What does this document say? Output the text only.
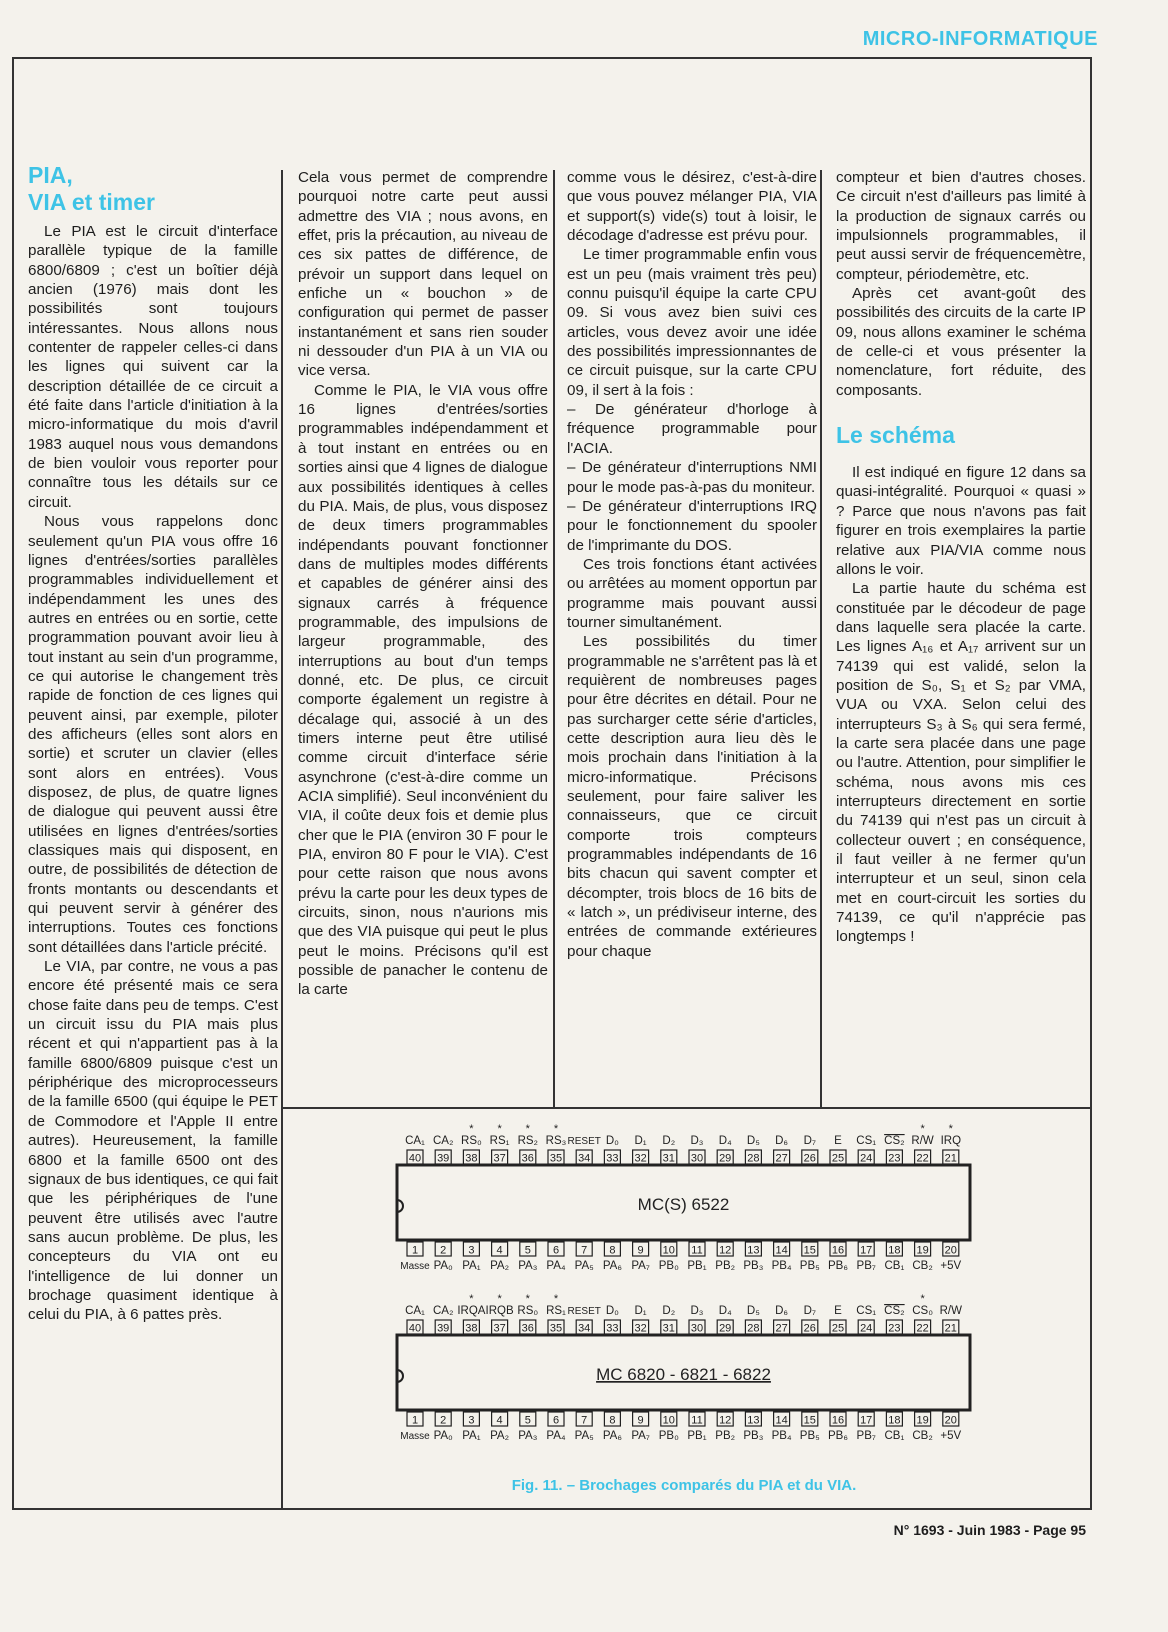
MICRO-INFORMATIQUE
PIA,
VIA et timer

Le PIA est le circuit d'interface parallèle typique de la famille 6800/6809 ; c'est un boîtier déjà ancien (1976) mais dont les possibilités sont toujours intéressantes. Nous allons nous contenter de rappeler celles-ci dans les lignes qui suivent car la description détaillée de ce circuit a été faite dans l'article d'initiation à la micro-informatique du mois d'avril 1983 auquel nous vous demandons de bien vouloir vous reporter pour connaître tous les détails sur ce circuit.

Nous vous rappelons donc seulement qu'un PIA vous offre 16 lignes d'entrées/sorties parallèles programmables individuellement et indépendamment les unes des autres en entrées ou en sortie, cette programmation pouvant avoir lieu à tout instant au sein d'un programme, ce qui autorise le changement très rapide de fonction de ces lignes qui peuvent ainsi, par exemple, piloter des afficheurs (elles sont alors en sortie) et scruter un clavier (elles sont alors en entrées). Vous disposez, de plus, de quatre lignes de dialogue qui peuvent aussi être utilisées en lignes d'entrées/sorties classiques mais qui disposent, en outre, de possibilités de détection de fronts montants ou descendants et qui peuvent servir à générer des interruptions. Toutes ces fonctions sont détaillées dans l'article précité.

Le VIA, par contre, ne vous a pas encore été présenté mais ce sera chose faite dans peu de temps. C'est un circuit issu du PIA mais plus récent et qui n'appartient pas à la famille 6800/6809 puisque c'est un périphérique des microprocesseurs de la famille 6500 (qui équipe le PET de Commodore et l'Apple II entre autres). Heureusement, la famille 6800 et la famille 6500 ont des signaux de bus identiques, ce qui fait que les périphériques de l'une peuvent être utilisés avec l'autre sans aucun problème. De plus, les concepteurs du VIA ont eu l'intelligence de lui donner un brochage quasiment identique à celui du PIA, à 6 pattes près.

Cela vous permet de comprendre pourquoi notre carte peut aussi admettre des VIA ; nous avons, en effet, pris la précaution, au niveau de ces six pattes de différence, de prévoir un support dans lequel on enfiche un « bouchon » de configuration qui permet de passer instantanément et sans rien souder ni dessouder d'un PIA à un VIA ou vice versa.

Comme le PIA, le VIA vous offre 16 lignes d'entrées/sorties programmables indépendamment et à tout instant en entrées ou en sorties ainsi que 4 lignes de dialogue aux possibilités identiques à celles du PIA. Mais, de plus, vous disposez de deux timers programmables indépendants pouvant fonctionner dans de multiples modes différents et capables de générer ainsi des signaux carrés à fréquence programmable, des impulsions de largeur programmable, des interruptions au bout d'un temps donné, etc. De plus, ce circuit comporte également un registre à décalage qui, associé à un des timers interne peut être utilisé comme circuit d'interface série asynchrone (c'est-à-dire comme un ACIA simplifié). Seul inconvénient du VIA, il coûte deux fois et demie plus cher que le PIA (environ 30 F pour le PIA, environ 80 F pour le VIA). C'est pour cette raison que nous avons prévu la carte pour les deux types de circuits, sinon, nous n'aurions mis que des VIA puisque qui peut le plus peut le moins. Précisons qu'il est possible de panacher le contenu de la carte

comme vous le désirez, c'est-à-dire que vous pouvez mélanger PIA, VIA et support(s) vide(s) tout à loisir, le décodage d'adresse est prévu pour.

Le timer programmable enfin vous est un peu (mais vraiment très peu) connu puisqu'il équipe la carte CPU 09. Si vous avez bien suivi ces articles, vous devez avoir une idée des possibilités impressionnantes de ce circuit puisque, sur la carte CPU 09, il sert à la fois :

– De générateur d'horloge à fréquence programmable pour l'ACIA.

– De générateur d'interruptions NMI pour le mode pas-à-pas du moniteur.

– De générateur d'interruptions IRQ pour le fonctionnement du spooler de l'imprimante du DOS.

Ces trois fonctions étant activées ou arrêtées au moment opportun par programme mais pouvant aussi tourner simultanément.

Les possibilités du timer programmable ne s'arrêtent pas là et requièrent de nombreuses pages pour être décrites en détail. Pour ne pas surcharger cette série d'articles, cette description aura lieu dès le mois prochain dans l'initiation à la micro-informatique. Précisons seulement, pour faire saliver les connaisseurs, que ce circuit comporte trois compteurs programmables indépendants de 16 bits chacun qui savent compter et décompter, trois blocs de 16 bits de « latch », un prédiviseur interne, des entrées de commande extérieures pour chaque

compteur et bien d'autres choses. Ce circuit n'est d'ailleurs pas limité à la production de signaux carrés ou impulsionnels programmables, il peut aussi servir de fréquencemètre, compteur, périodemètre, etc.

Après cet avant-goût des possibilités des circuits de la carte IP 09, nous allons examiner le schéma de celle-ci et vous présenter la nomenclature, fort réduite, des composants.

Le schéma

Il est indiqué en figure 12 dans sa quasi-intégralité. Pourquoi « quasi » ? Parce que nous n'avons pas fait figurer en trois exemplaires la partie relative aux PIA/VIA comme nous allons le voir.

La partie haute du schéma est constituée par le décodeur de page dans laquelle sera placée la carte. Les lignes A₁₆ et A₁₇ arrivent sur un 74139 qui est validé, selon la position de S₀, S₁ et S₂ par VMA, VUA ou VXA. Selon celui des interrupteurs S₃ à S₆ qui sera fermé, la carte sera placée dans une page ou l'autre. Attention, pour simplifier le schéma, nous avons mis ces interrupteurs directement en sortie du 74139 qui n'est pas un circuit à collecteur ouvert ; en conséquence, il faut veiller à ne fermer qu'un interrupteur et un seul, sinon cela met en court-circuit les sorties du 74139, ce qu'il n'apprécie pas longtemps !

MC(S) 6522
40
CA₁
39
CA₂
38
RS₀
*
37
RS₁
*
36
RS₂
*
35
RS₃
*
34
RESET
33
D₀
32
D₁
31
D₂
30
D₃
29
D₄
28
D₅
27
D₆
26
D₇
25
E
24
CS₁
23
CS₂
22
R/W
*
21
IRQ
*
1
Masse
2
PA₀
3
PA₁
4
PA₂
5
PA₃
6
PA₄
7
PA₅
8
PA₆
9
PA₇
10
PB₀
11
PB₁
12
PB₂
13
PB₃
14
PB₄
15
PB₅
16
PB₆
17
PB₇
18
CB₁
19
CB₂
20
+5V
MC 6820 - 6821 - 6822
40
CA₁
39
CA₂
38
IRQA
*
37
IRQB
*
36
RS₀
*
35
RS₁
*
34
RESET
33
D₀
32
D₁
31
D₂
30
D₃
29
D₄
28
D₅
27
D₆
26
D₇
25
E
24
CS₁
23
CS₂
22
CS₀
*
21
R/W
1
Masse
2
PA₀
3
PA₁
4
PA₂
5
PA₃
6
PA₄
7
PA₅
8
PA₆
9
PA₇
10
PB₀
11
PB₁
12
PB₂
13
PB₃
14
PB₄
15
PB₅
16
PB₆
17
PB₇
18
CB₁
19
CB₂
20
+5V
Fig. 11. – Brochages comparés du PIA et du VIA.
N° 1693 - Juin 1983 - Page 95
